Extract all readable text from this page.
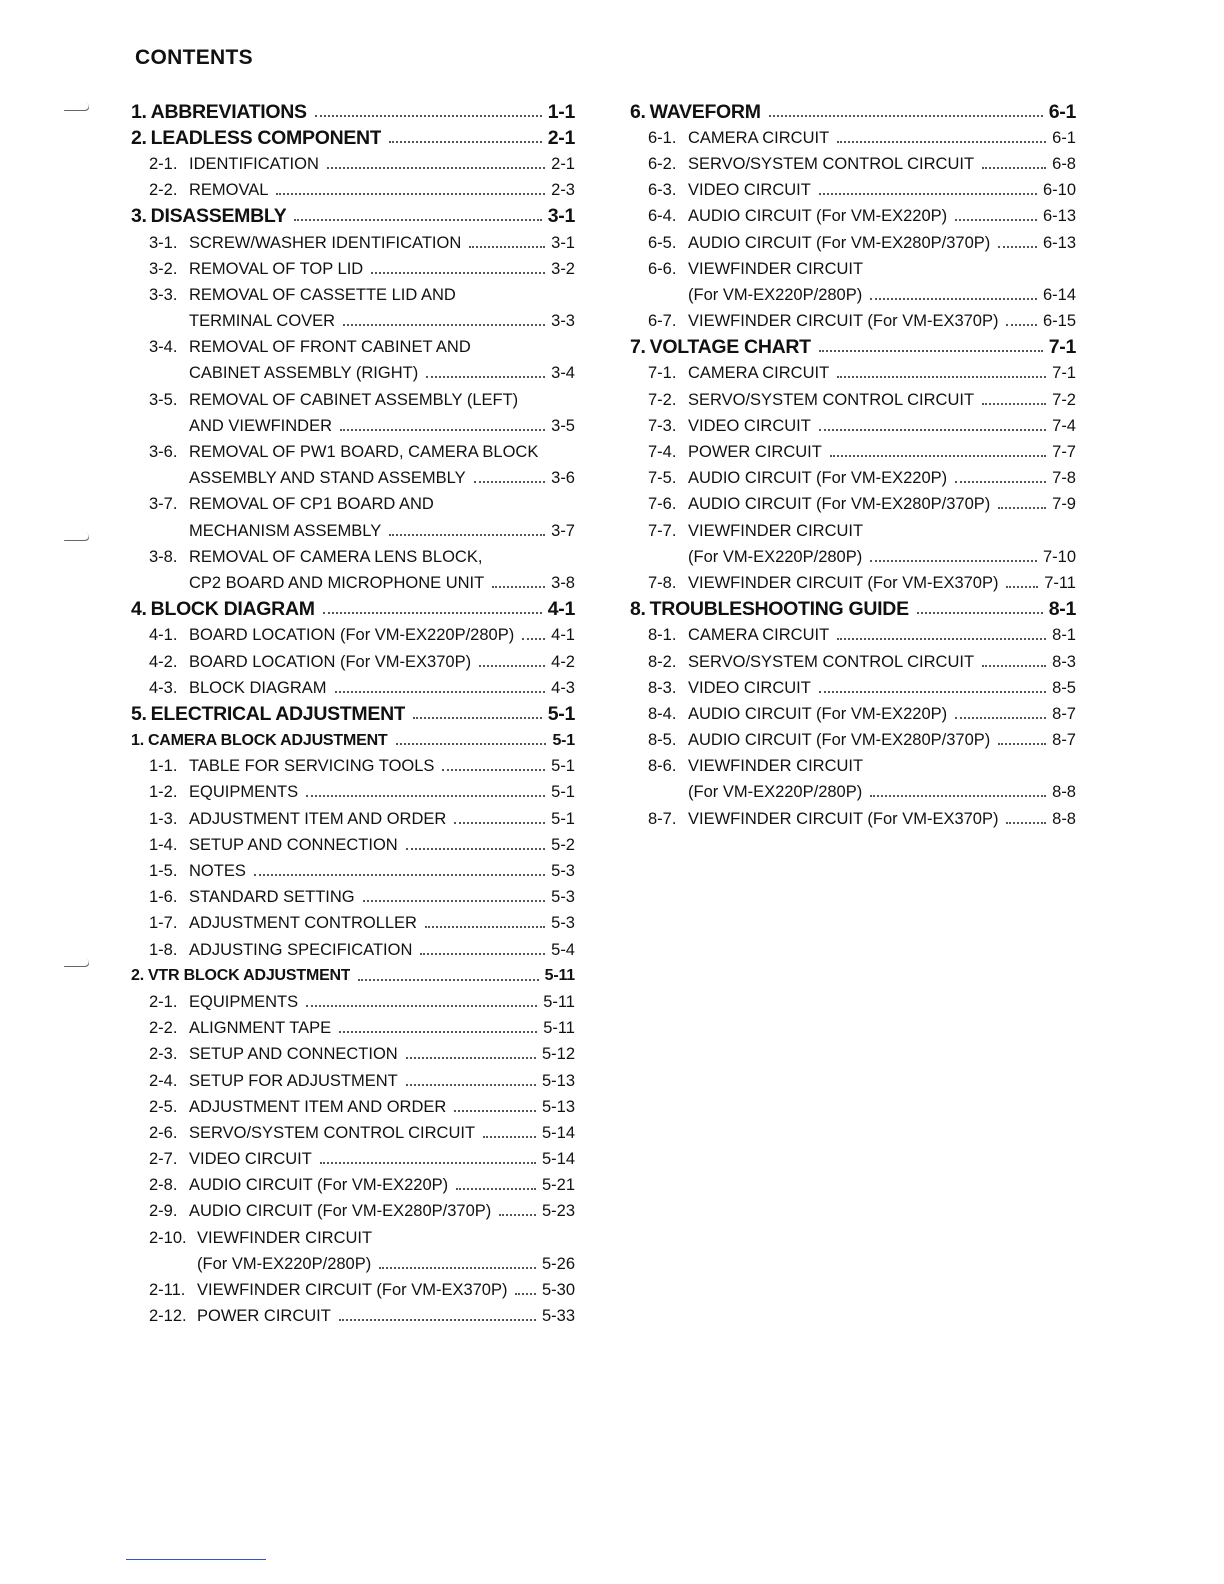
CONTENTS
1. ABBREVIATIONS	1-1
2. LEADLESS COMPONENT	2-1
2-1. IDENTIFICATION	2-1
2-2. REMOVAL	2-3
3. DISASSEMBLY	3-1
3-1. SCREW/WASHER IDENTIFICATION	3-1
3-2. REMOVAL OF TOP LID	3-2
3-3. REMOVAL OF CASSETTE LID AND
TERMINAL COVER	3-3
3-4. REMOVAL OF FRONT CABINET AND
CABINET ASSEMBLY (RIGHT)	3-4
3-5. REMOVAL OF CABINET ASSEMBLY (LEFT)
AND VIEWFINDER	3-5
3-6. REMOVAL OF PW1 BOARD, CAMERA BLOCK
ASSEMBLY AND STAND ASSEMBLY	3-6
3-7. REMOVAL OF CP1 BOARD AND
MECHANISM ASSEMBLY	3-7
3-8. REMOVAL OF CAMERA LENS BLOCK,
CP2 BOARD AND MICROPHONE UNIT	3-8
4. BLOCK DIAGRAM	4-1
4-1. BOARD LOCATION (For VM-EX220P/280P) 4-1
4-2. BOARD LOCATION (For VM-EX370P)	4-2
4-3. BLOCK DIAGRAM	4-3
5. ELECTRICAL ADJUSTMENT	5-1
1. CAMERA BLOCK ADJUSTMENT	5-1
1-1. TABLE FOR SERVICING TOOLS	5-1
1-2. EQUIPMENTS	5-1
1-3. ADJUSTMENT ITEM AND ORDER	5-1
1-4. SETUP AND CONNECTION	5-2
1-5. NOTES	5-3
1-6. STANDARD SETTING	5-3
1-7. ADJUSTMENT CONTROLLER	5-3
1-8. ADJUSTING SPECIFICATION	5-4
2. VTR BLOCK ADJUSTMENT	5-11
2-1. EQUIPMENTS	5-11
2-2. ALIGNMENT TAPE	5-11
2-3. SETUP AND CONNECTION	5-12
2-4. SETUP FOR ADJUSTMENT	5-13
2-5. ADJUSTMENT ITEM AND ORDER	5-13
2-6. SERVO/SYSTEM CONTROL CIRCUIT	5-14
2-7. VIDEO CIRCUIT	5-14
2-8. AUDIO CIRCUIT (For VM-EX220P)	5-21
2-9. AUDIO CIRCUIT (For VM-EX280P/370P)	5-23
2-10. VIEWFINDER CIRCUIT
(For VM-EX220P/280P)	5-26
2-11. VIEWFINDER CIRCUIT (For VM-EX370P) 5-30
2-12. POWER CIRCUIT	5-33
6. WAVEFORM	6-1
6-1. CAMERA CIRCUIT	6-1
6-2. SERVO/SYSTEM CONTROL CIRCUIT	6-8
6-3. VIDEO CIRCUIT	6-10
6-4. AUDIO CIRCUIT (For VM-EX220P)	6-13
6-5. AUDIO CIRCUIT (For VM-EX280P/370P)	6-13
6-6. VIEWFINDER CIRCUIT
(For VM-EX220P/280P)	6-14
6-7. VIEWFINDER CIRCUIT (For VM-EX370P)	6-15
7. VOLTAGE CHART	7-1
7-1. CAMERA CIRCUIT	7-1
7-2. SERVO/SYSTEM CONTROL CIRCUIT	7-2
7-3. VIDEO CIRCUIT	7-4
7-4. POWER CIRCUIT	7-7
7-5. AUDIO CIRCUIT (For VM-EX220P)	7-8
7-6. AUDIO CIRCUIT (For VM-EX280P/370P)	7-9
7-7. VIEWFINDER CIRCUIT
(For VM-EX220P/280P)	7-10
7-8. VIEWFINDER CIRCUIT (For VM-EX370P)	7-11
8. TROUBLESHOOTING GUIDE	8-1
8-1. CAMERA CIRCUIT	8-1
8-2. SERVO/SYSTEM CONTROL CIRCUIT	8-3
8-3. VIDEO CIRCUIT	8-5
8-4. AUDIO CIRCUIT (For VM-EX220P)	8-7
8-5. AUDIO CIRCUIT (For VM-EX280P/370P)	8-7
8-6. VIEWFINDER CIRCUIT
(For VM-EX220P/280P)	8-8
8-7. VIEWFINDER CIRCUIT (For VM-EX370P)	8-8
